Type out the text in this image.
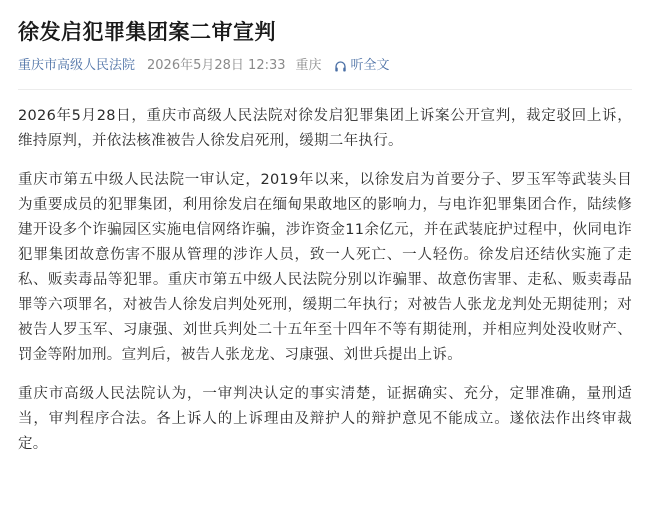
徐发启犯罪集团案二审宣判
重庆市高级人民法院 2026年5月28日 12:33 重庆 听全文

2026年5月28日，重庆市高级人民法院对徐发启犯罪集团上诉案公开宣判，裁定驳回上诉，维持原判，并依法核准被告人徐发启死刑，缓期二年执行。

重庆市第五中级人民法院一审认定，2019年以来，以徐发启为首要分子、罗玉军等武装头目为重要成员的犯罪集团，利用徐发启在缅甸果敢地区的影响力，与电诈犯罪集团合作，陆续修建开设多个诈骗园区实施电信网络诈骗，涉诈资金11余亿元，并在武装庇护过程中，伙同电诈犯罪集团故意伤害不服从管理的涉诈人员，致一人死亡、一人轻伤。徐发启还结伙实施了走私、贩卖毒品等犯罪。重庆市第五中级人民法院分别以诈骗罪、故意伤害罪、走私、贩卖毒品罪等六项罪名，对被告人徐发启判处死刑，缓期二年执行；对被告人张龙龙判处无期徒刑；对被告人罗玉军、习康强、刘世兵判处二十五年至十四年不等有期徒刑，并相应判处没收财产、罚金等附加刑。宣判后，被告人张龙龙、习康强、刘世兵提出上诉。

重庆市高级人民法院认为，一审判决认定的事实清楚，证据确实、充分，定罪准确，量刑适当，审判程序合法。各上诉人的上诉理由及辩护人的辩护意见不能成立。遂依法作出终审裁定。
